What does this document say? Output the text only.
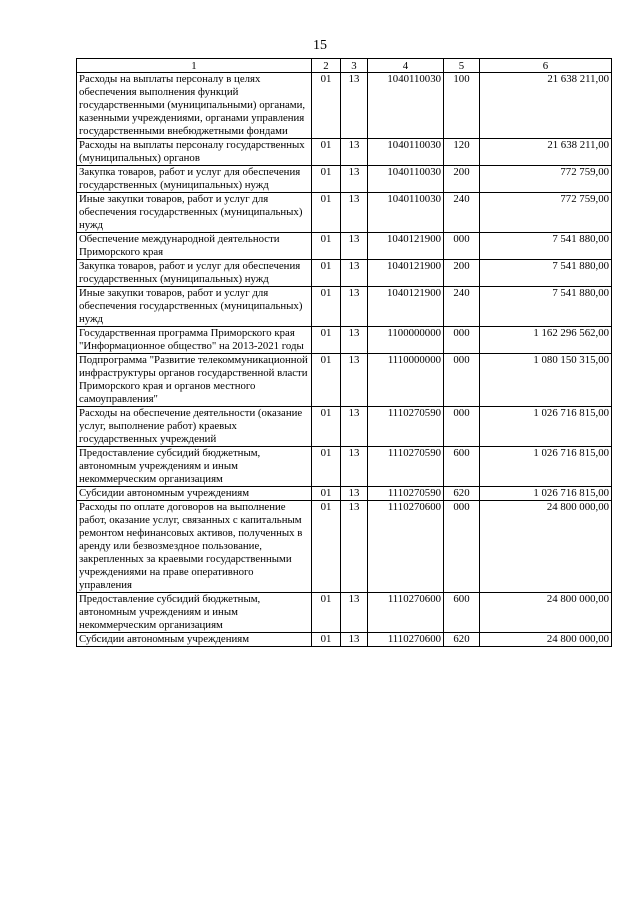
15
1	2	3	4	5	6
Расходы на выплаты персоналу в целях обеспечения выполнения функций государственными (муниципальными) органами, казенными учреждениями, органами управления государственными внебюджетными фондами	01	13	1040110030	100	21 638 211,00
Расходы на выплаты персоналу государственных (муниципальных) органов	01	13	1040110030	120	21 638 211,00
Закупка товаров, работ и услуг для обеспечения государственных (муниципальных) нужд	01	13	1040110030	200	772 759,00
Иные закупки товаров, работ и услуг для обеспечения государственных (муниципальных) нужд	01	13	1040110030	240	772 759,00
Обеспечение международной деятельности Приморского края	01	13	1040121900	000	7 541 880,00
Закупка товаров, работ и услуг для обеспечения государственных (муниципальных) нужд	01	13	1040121900	200	7 541 880,00
Иные закупки товаров, работ и услуг для обеспечения государственных (муниципальных) нужд	01	13	1040121900	240	7 541 880,00
Государственная программа Приморского края "Информационное общество" на 2013-2021 годы	01	13	1100000000	000	1 162 296 562,00
Подпрограмма "Развитие телекоммуникационной инфраструктуры органов государственной власти Приморского края и органов местного самоуправления"	01	13	1110000000	000	1 080 150 315,00
Расходы на обеспечение деятельности (оказание услуг, выполнение работ) краевых государственных учреждений	01	13	1110270590	000	1 026 716 815,00
Предоставление субсидий бюджетным, автономным учреждениям и иным некоммерческим организациям	01	13	1110270590	600	1 026 716 815,00
Субсидии автономным учреждениям	01	13	1110270590	620	1 026 716 815,00
Расходы по оплате договоров на выполнение работ, оказание услуг, связанных с капитальным ремонтом нефинансовых активов, полученных в аренду или безвозмездное пользование, закрепленных за краевыми государственными учреждениями на праве оперативного управления	01	13	1110270600	000	24 800 000,00
Предоставление субсидий бюджетным, автономным учреждениям и иным некоммерческим организациям	01	13	1110270600	600	24 800 000,00
Субсидии автономным учреждениям	01	13	1110270600	620	24 800 000,00
